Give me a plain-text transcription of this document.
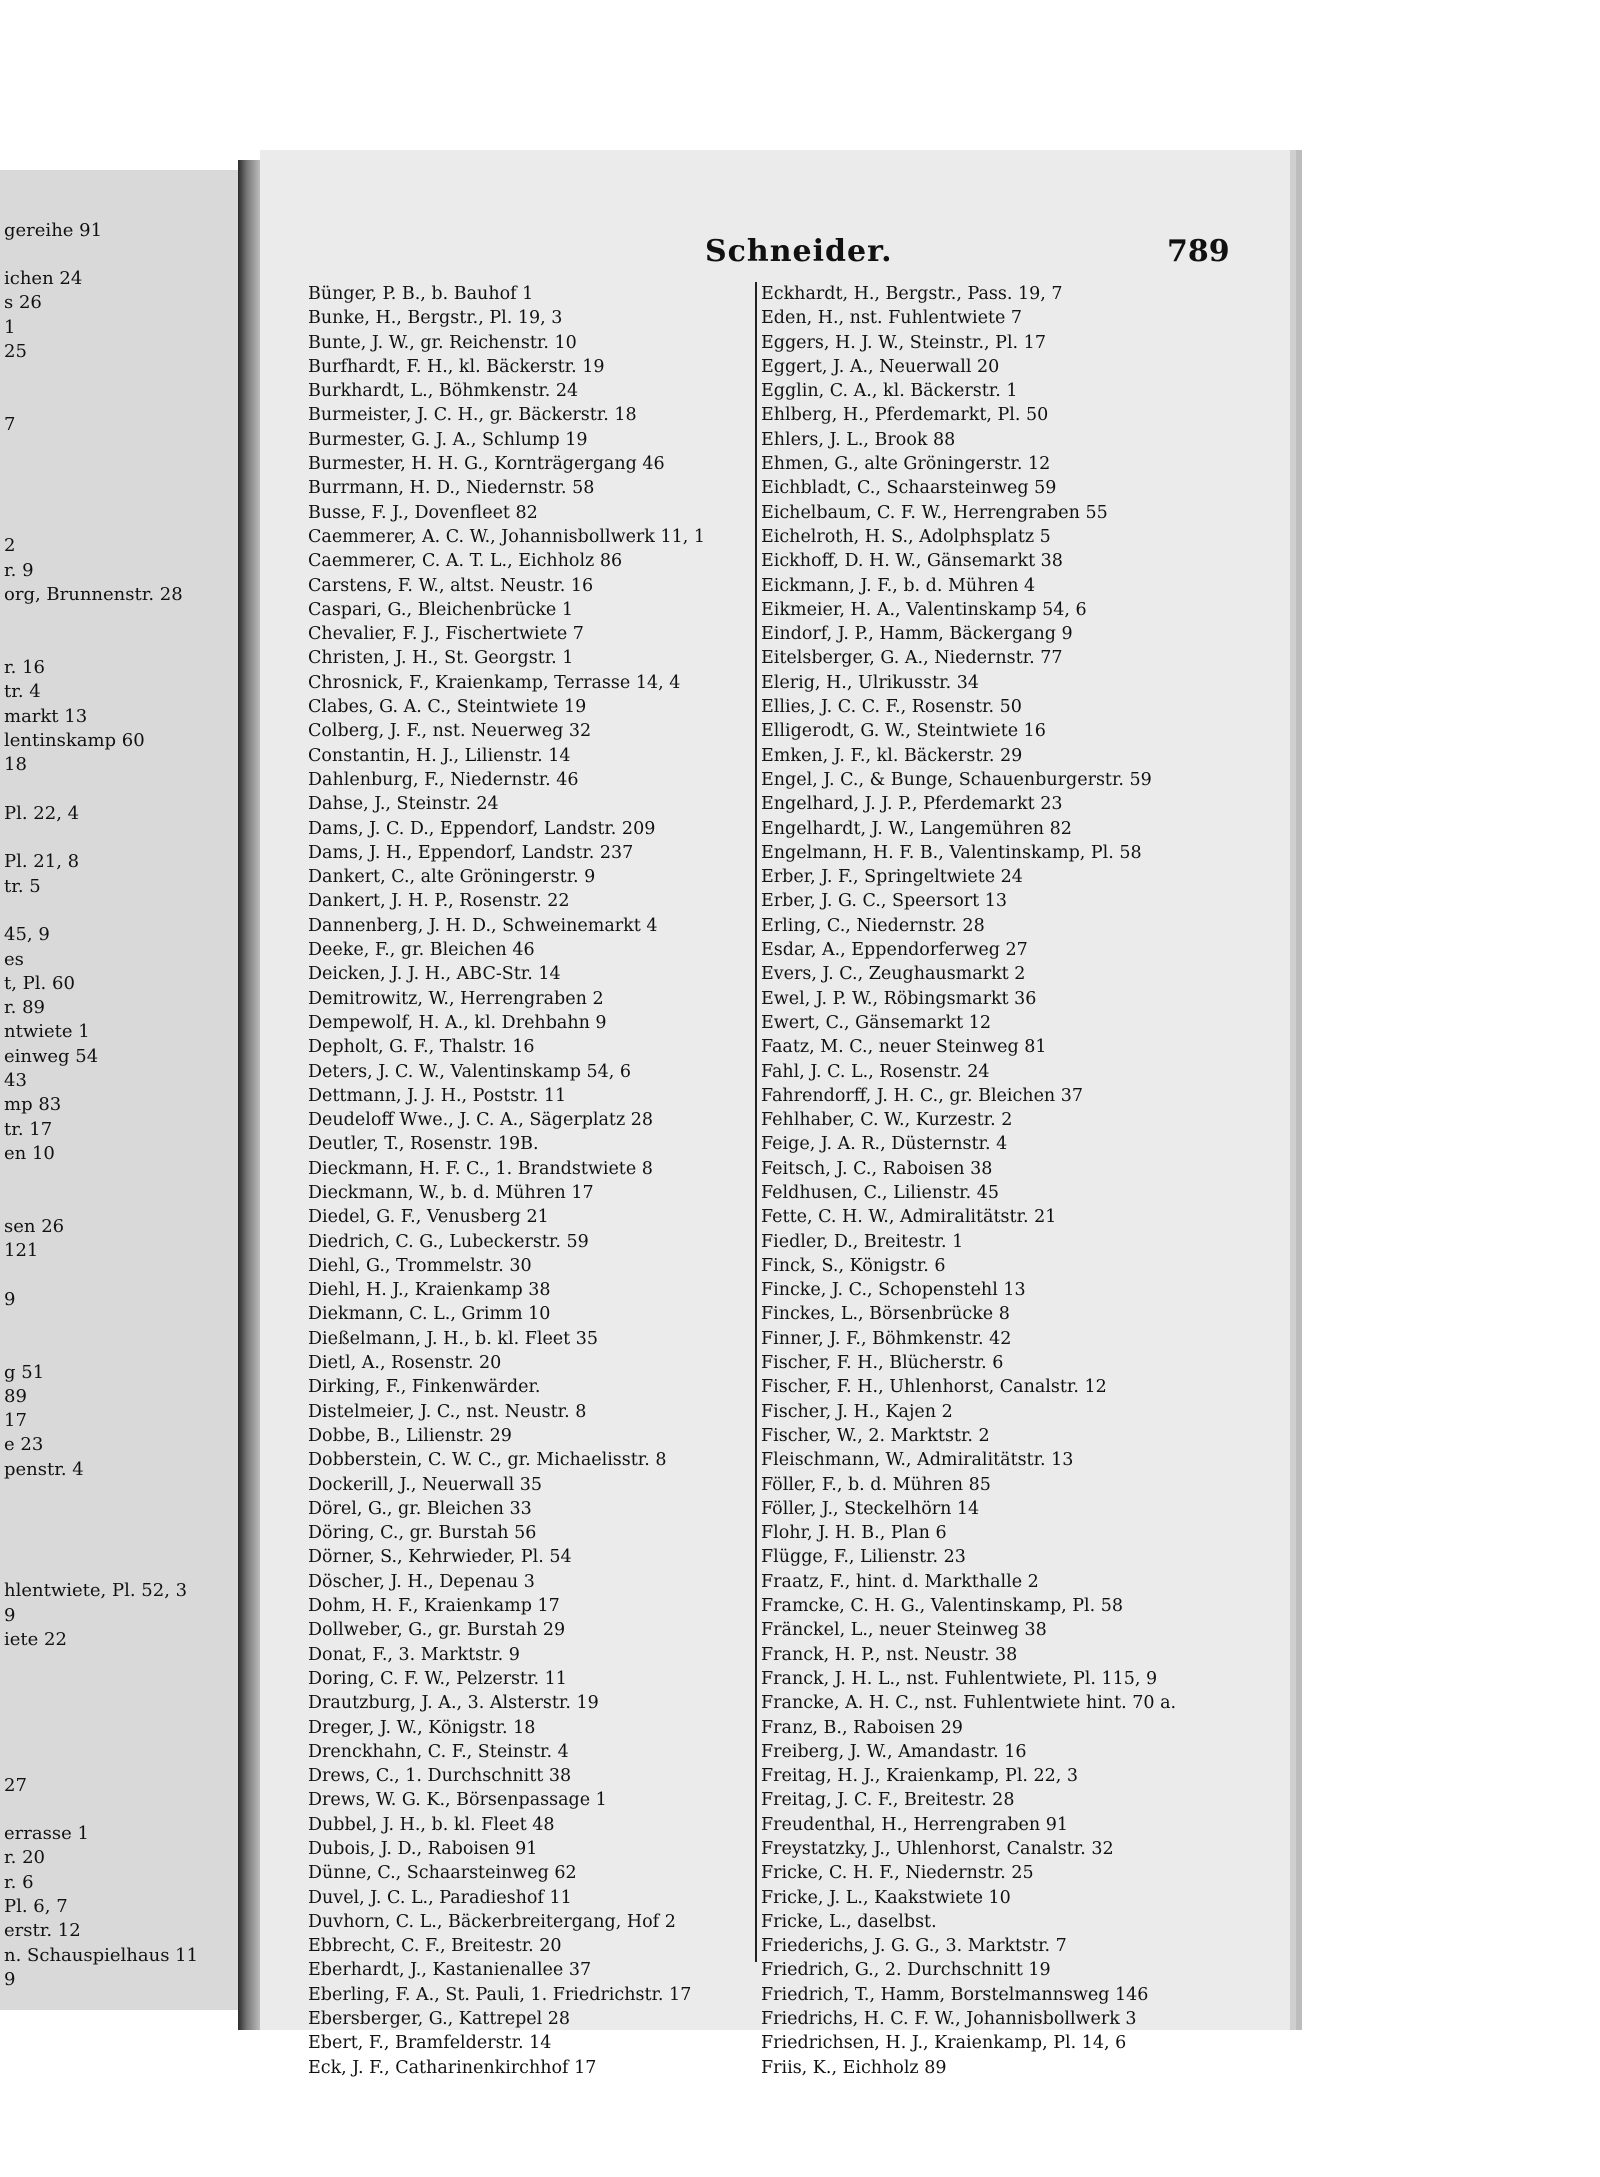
gereihe 91
ichen 24
s 26
1
25
7
2
r. 9
org, Brunnenstr. 28
r. 16
tr. 4
markt 13
lentinskamp 60
18
Pl. 22, 4
Pl. 21, 8
tr. 5
45, 9
es
t, Pl. 60
r. 89
ntwiete 1
einweg 54
43
mp 83
tr. 17
en 10
sen 26
121
9
g 51
89
17
e 23
penstr. 4
hlentwiete, Pl. 52, 3
9
iete 22
27
errasse 1
r. 20
r. 6
Pl. 6, 7
erstr. 12
n. Schauspielhaus 11
9
Schneider.	789
Bünger, P. B., b. Bauhof 1
Bunke, H., Bergstr., Pl. 19, 3
Bunte, J. W., gr. Reichenstr. 10
Burfhardt, F. H., kl. Bäckerstr. 19
Burkhardt, L., Böhmkenstr. 24
Burmeister, J. C. H., gr. Bäckerstr. 18
Burmester, G. J. A., Schlump 19
Burmester, H. H. G., Kornträgergang 46
Burrmann, H. D., Niedernstr. 58
Busse, F. J., Dovenfleet 82
Caemmerer, A. C. W., Johannisbollwerk 11, 1
Caemmerer, C. A. T. L., Eichholz 86
Carstens, F. W., altst. Neustr. 16
Caspari, G., Bleichenbrücke 1
Chevalier, F. J., Fischertwiete 7
Christen, J. H., St. Georgstr. 1
Chrosnick, F., Kraienkamp, Terrasse 14, 4
Clabes, G. A. C., Steintwiete 19
Colberg, J. F., nst. Neuerweg 32
Constantin, H. J., Lilienstr. 14
Dahlenburg, F., Niedernstr. 46
Dahse, J., Steinstr. 24
Dams, J. C. D., Eppendorf, Landstr. 209
Dams, J. H., Eppendorf, Landstr. 237
Dankert, C., alte Gröningerstr. 9
Dankert, J. H. P., Rosenstr. 22
Dannenberg, J. H. D., Schweinemarkt 4
Deeke, F., gr. Bleichen 46
Deicken, J. J. H., ABC-Str. 14
Demitrowitz, W., Herrengraben 2
Dempewolf, H. A., kl. Drehbahn 9
Depholt, G. F., Thalstr. 16
Deters, J. C. W., Valentinskamp 54, 6
Dettmann, J. J. H., Poststr. 11
Deudeloff Wwe., J. C. A., Sägerplatz 28
Deutler, T., Rosenstr. 19B.
Dieckmann, H. F. C., 1. Brandstwiete 8
Dieckmann, W., b. d. Mühren 17
Diedel, G. F., Venusberg 21
Diedrich, C. G., Lubeckerstr. 59
Diehl, G., Trommelstr. 30
Diehl, H. J., Kraienkamp 38
Diekmann, C. L., Grimm 10
Dießelmann, J. H., b. kl. Fleet 35
Dietl, A., Rosenstr. 20
Dirking, F., Finkenwärder.
Distelmeier, J. C., nst. Neustr. 8
Dobbe, B., Lilienstr. 29
Dobberstein, C. W. C., gr. Michaelisstr. 8
Dockerill, J., Neuerwall 35
Dörel, G., gr. Bleichen 33
Döring, C., gr. Burstah 56
Dörner, S., Kehrwieder, Pl. 54
Döscher, J. H., Depenau 3
Dohm, H. F., Kraienkamp 17
Dollweber, G., gr. Burstah 29
Donat, F., 3. Marktstr. 9
Doring, C. F. W., Pelzerstr. 11
Drautzburg, J. A., 3. Alsterstr. 19
Dreger, J. W., Königstr. 18
Drenckhahn, C. F., Steinstr. 4
Drews, C., 1. Durchschnitt 38
Drews, W. G. K., Börsenpassage 1
Dubbel, J. H., b. kl. Fleet 48
Dubois, J. D., Raboisen 91
Dünne, C., Schaarsteinweg 62
Duvel, J. C. L., Paradieshof 11
Duvhorn, C. L., Bäckerbreitergang, Hof 2
Ebbrecht, C. F., Breitestr. 20
Eberhardt, J., Kastanienallee 37
Eberling, F. A., St. Pauli, 1. Friedrichstr. 17
Ebersberger, G., Kattrepel 28
Ebert, F., Bramfelderstr. 14
Eck, J. F., Catharinenkirchhof 17
Eckhardt, H., Bergstr., Pass. 19, 7
Eden, H., nst. Fuhlentwiete 7
Eggers, H. J. W., Steinstr., Pl. 17
Eggert, J. A., Neuerwall 20
Egglin, C. A., kl. Bäckerstr. 1
Ehlberg, H., Pferdemarkt, Pl. 50
Ehlers, J. L., Brook 88
Ehmen, G., alte Gröningerstr. 12
Eichbladt, C., Schaarsteinweg 59
Eichelbaum, C. F. W., Herrengraben 55
Eichelroth, H. S., Adolphsplatz 5
Eickhoff, D. H. W., Gänsemarkt 38
Eickmann, J. F., b. d. Mühren 4
Eikmeier, H. A., Valentinskamp 54, 6
Eindorf, J. P., Hamm, Bäckergang 9
Eitelsberger, G. A., Niedernstr. 77
Elerig, H., Ulrikusstr. 34
Ellies, J. C. C. F., Rosenstr. 50
Elligerodt, G. W., Steintwiete 16
Emken, J. F., kl. Bäckerstr. 29
Engel, J. C., & Bunge, Schauenburgerstr. 59
Engelhard, J. J. P., Pferdemarkt 23
Engelhardt, J. W., Langemühren 82
Engelmann, H. F. B., Valentinskamp, Pl. 58
Erber, J. F., Springeltwiete 24
Erber, J. G. C., Speersort 13
Erling, C., Niedernstr. 28
Esdar, A., Eppendorferweg 27
Evers, J. C., Zeughausmarkt 2
Ewel, J. P. W., Röbingsmarkt 36
Ewert, C., Gänsemarkt 12
Faatz, M. C., neuer Steinweg 81
Fahl, J. C. L., Rosenstr. 24
Fahrendorff, J. H. C., gr. Bleichen 37
Fehlhaber, C. W., Kurzestr. 2
Feige, J. A. R., Düsternstr. 4
Feitsch, J. C., Raboisen 38
Feldhusen, C., Lilienstr. 45
Fette, C. H. W., Admiralitätstr. 21
Fiedler, D., Breitestr. 1
Finck, S., Königstr. 6
Fincke, J. C., Schopenstehl 13
Finckes, L., Börsenbrücke 8
Finner, J. F., Böhmkenstr. 42
Fischer, F. H., Blücherstr. 6
Fischer, F. H., Uhlenhorst, Canalstr. 12
Fischer, J. H., Kajen 2
Fischer, W., 2. Marktstr. 2
Fleischmann, W., Admiralitätstr. 13
Föller, F., b. d. Mühren 85
Föller, J., Steckelhörn 14
Flohr, J. H. B., Plan 6
Flügge, F., Lilienstr. 23
Fraatz, F., hint. d. Markthalle 2
Framcke, C. H. G., Valentinskamp, Pl. 58
Fränckel, L., neuer Steinweg 38
Franck, H. P., nst. Neustr. 38
Franck, J. H. L., nst. Fuhlentwiete, Pl. 115, 9
Francke, A. H. C., nst. Fuhlentwiete hint. 70 a.
Franz, B., Raboisen 29
Freiberg, J. W., Amandastr. 16
Freitag, H. J., Kraienkamp, Pl. 22, 3
Freitag, J. C. F., Breitestr. 28
Freudenthal, H., Herrengraben 91
Freystatzky, J., Uhlenhorst, Canalstr. 32
Fricke, C. H. F., Niedernstr. 25
Fricke, J. L., Kaakstwiete 10
Fricke, L., daselbst.
Friederichs, J. G. G., 3. Marktstr. 7
Friedrich, G., 2. Durchschnitt 19
Friedrich, T., Hamm, Borstelmannsweg 146
Friedrichs, H. C. F. W., Johannisbollwerk 3
Friedrichsen, H. J., Kraienkamp, Pl. 14, 6
Friis, K., Eichholz 89
